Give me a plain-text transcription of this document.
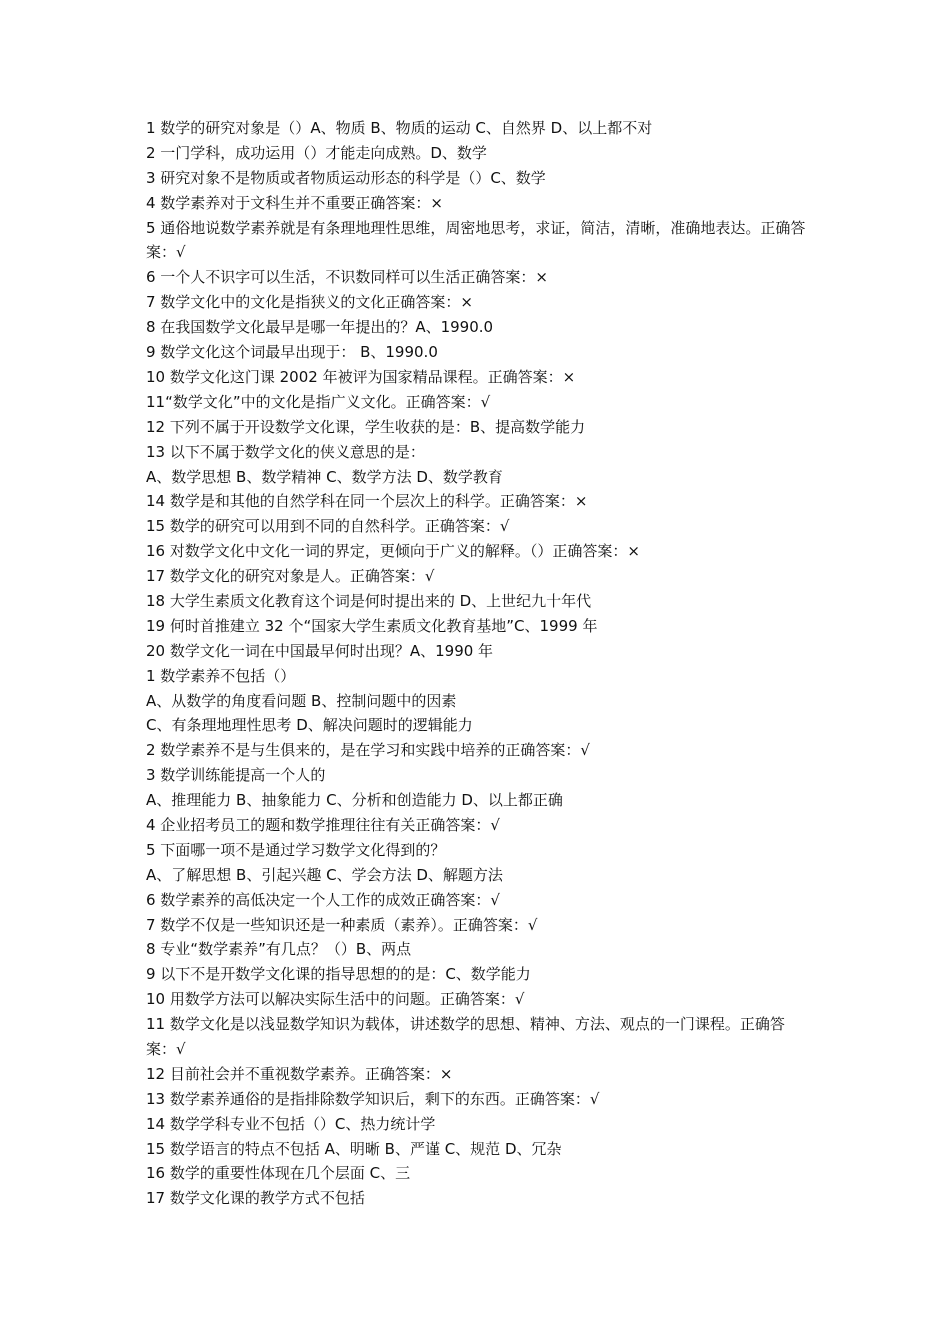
1 数学的研究对象是（）A、物质 B、物质的运动 C、自然界 D、以上都不对
2 一门学科，成功运用（）才能走向成熟。D、数学
3 研究对象不是物质或者物质运动形态的科学是（）C、数学
4 数学素养对于文科生并不重要正确答案：×
5 通俗地说数学素养就是有条理地理性思维，周密地思考，求证，简洁，清晰，准确地表达。正确答案：√
6 一个人不识字可以生活，不识数同样可以生活正确答案：×
7 数学文化中的文化是指狭义的文化正确答案：×
8 在我国数学文化最早是哪一年提出的？A、1990.0
9 数学文化这个词最早出现于： B、1990.0
10 数学文化这门课 2002 年被评为国家精品课程。正确答案：×
11“数学文化”中的文化是指广义文化。正确答案：√
12 下列不属于开设数学文化课，学生收获的是：B、提高数学能力
13 以下不属于数学文化的侠义意思的是：
A、数学思想 B、数学精神 C、数学方法 D、数学教育
14 数学是和其他的自然学科在同一个层次上的科学。正确答案：×
15 数学的研究可以用到不同的自然科学。正确答案：√
16 对数学文化中文化一词的界定，更倾向于广义的解释。（）正确答案：×
17 数学文化的研究对象是人。正确答案：√
18 大学生素质文化教育这个词是何时提出来的 D、上世纪九十年代
19 何时首推建立 32 个“国家大学生素质文化教育基地”C、1999 年
20 数学文化一词在中国最早何时出现？A、1990 年
1 数学素养不包括（）
A、从数学的角度看问题 B、控制问题中的因素
C、有条理地理性思考 D、解决问题时的逻辑能力
2 数学素养不是与生俱来的，是在学习和实践中培养的正确答案：√
3 数学训练能提高一个人的
A、推理能力 B、抽象能力 C、分析和创造能力 D、以上都正确
4 企业招考员工的题和数学推理往往有关正确答案：√
5 下面哪一项不是通过学习数学文化得到的？
A、了解思想 B、引起兴趣 C、学会方法 D、解题方法
6 数学素养的高低决定一个人工作的成效正确答案：√
7 数学不仅是一些知识还是一种素质（素养）。正确答案：√
8 专业“数学素养”有几点？（）B、两点
9 以下不是开数学文化课的指导思想的的是：C、数学能力
10 用数学方法可以解决实际生活中的问题。正确答案：√
11 数学文化是以浅显数学知识为载体，讲述数学的思想、精神、方法、观点的一门课程。正确答案：√
12 目前社会并不重视数学素养。正确答案：×
13 数学素养通俗的是指排除数学知识后，剩下的东西。正确答案：√
14 数学学科专业不包括（）C、热力统计学
15 数学语言的特点不包括 A、明晰 B、严谨 C、规范 D、冗杂
16 数学的重要性体现在几个层面 C、三
17 数学文化课的教学方式不包括
